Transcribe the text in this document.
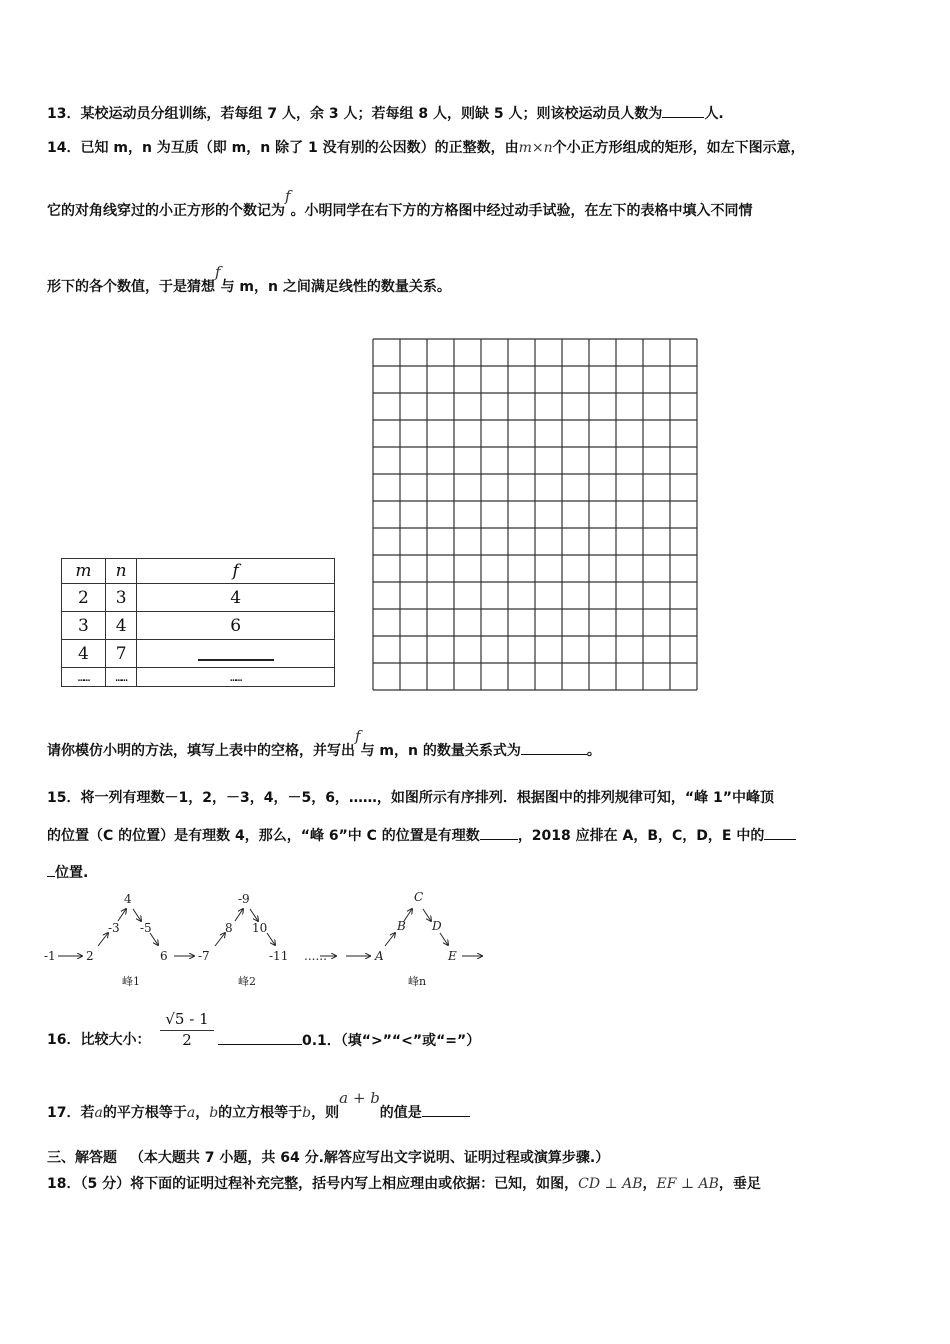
13．某校运动员分组训练，若每组 7 人，余 3 人；若每组 8 人，则缺 5 人；则该校运动员人数为	人.
14．已知 m，n 为互质（即 m，n 除了 1 没有别的公因数）的正整数，由m×n个小正方形组成的矩形，如左下图示意，
它的对角线穿过的小正方形的个数记为f。小明同学在右下方的方格图中经过动手试验，在左下的表格中填入不同情
形下的各个数值，于是猜想f与 m，n 之间满足线性的数量关系。
m	n	f
2	3	4
3	4	6
4	7	

……	……	……
请你模仿小明的方法，填写上表中的空格，并写出f与 m，n 的数量关系式为	。
15．将一列有理数－1，2，－3，4，－5，6，……，如图所示有序排列．根据图中的排列规律可知，“峰 1”中峰顶
的位置（C 的位置）是有理数 4，那么，“峰 6”中 C 的位置是有理数	，2018 应排在 A，B，C，D，E 中的
位置.
-1	2
-3
4
-5
6	-7
8
-9
10
-11 ......	A
B
C
D
E
峰1	峰2	峰n
16．比较大小： $\frac{√5 - 1}{2}$	0.1．（填“>”“<”或“=”）
17．若a的平方根等于a，b的立方根等于b，则a + b的值是
三、解答题 （本大题共 7 小题，共 64 分.解答应写出文字说明、证明过程或演算步骤.）
18．（5 分）将下面的证明过程补充完整，括号内写上相应理由或依据：已知，如图，CD ⊥ AB，EF ⊥ AB，垂足
